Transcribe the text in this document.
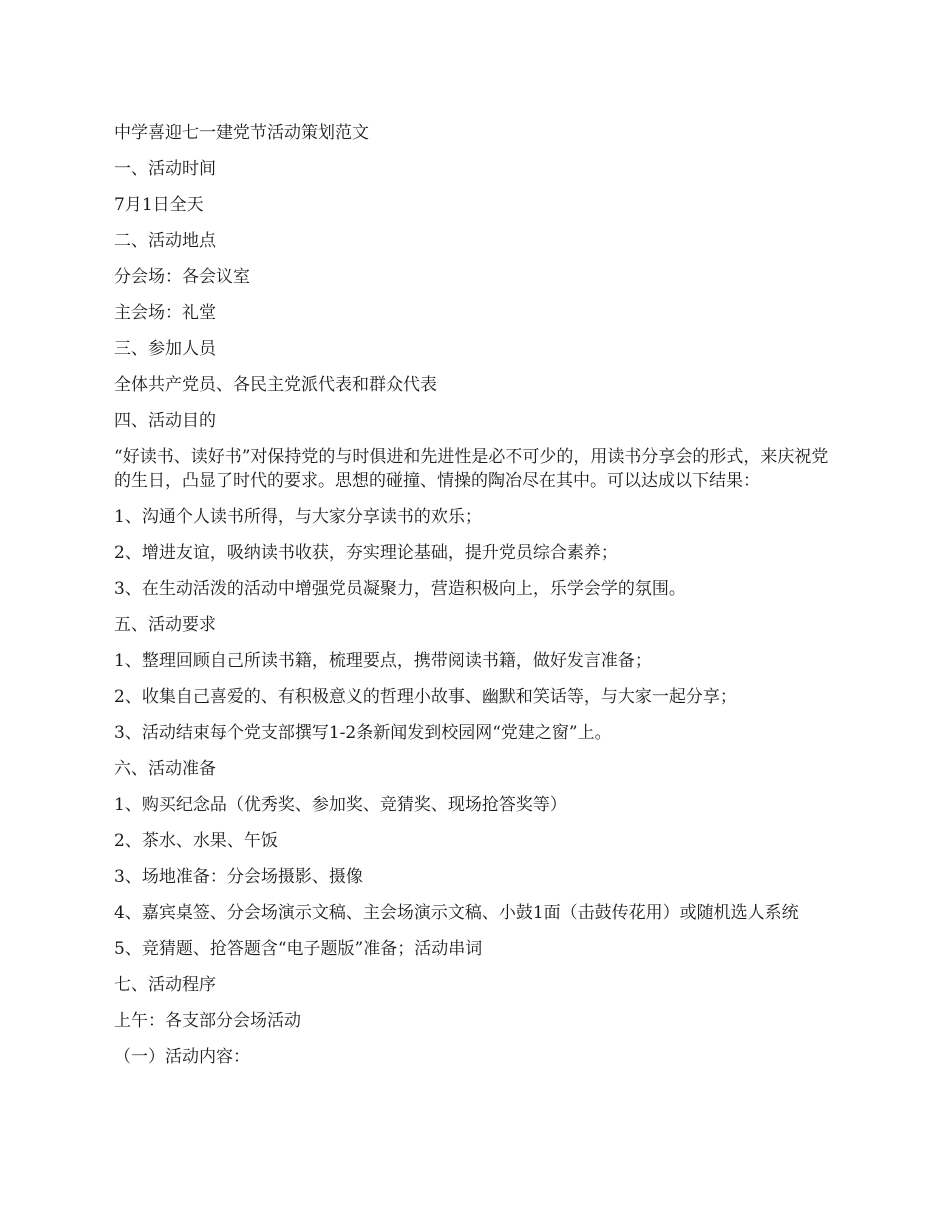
中学喜迎七一建党节活动策划范文

一、活动时间

7月1日全天

二、活动地点

分会场：各会议室

主会场：礼堂

三、参加人员

全体共产党员、各民主党派代表和群众代表

四、活动目的

“好读书、读好书”对保持党的与时俱进和先进性是必不可少的，用读书分享会的形式，来庆祝党的生日，凸显了时代的要求。思想的碰撞、情操的陶冶尽在其中。可以达成以下结果：

1、沟通个人读书所得，与大家分享读书的欢乐；

2、增进友谊，吸纳读书收获，夯实理论基础，提升党员综合素养；

3、在生动活泼的活动中增强党员凝聚力，营造积极向上，乐学会学的氛围。

五、活动要求

1、整理回顾自己所读书籍，梳理要点，携带阅读书籍，做好发言准备；

2、收集自己喜爱的、有积极意义的哲理小故事、幽默和笑话等，与大家一起分享；

3、活动结束每个党支部撰写1-2条新闻发到校园网“党建之窗”上。

六、活动准备

1、购买纪念品（优秀奖、参加奖、竞猜奖、现场抢答奖等）

2、茶水、水果、午饭

3、场地准备：分会场摄影、摄像

4、嘉宾桌签、分会场演示文稿、主会场演示文稿、小鼓1面（击鼓传花用）或随机选人系统

5、竞猜题、抢答题含“电子题版”准备；活动串词

七、活动程序

上午：各支部分会场活动

（一）活动内容：
